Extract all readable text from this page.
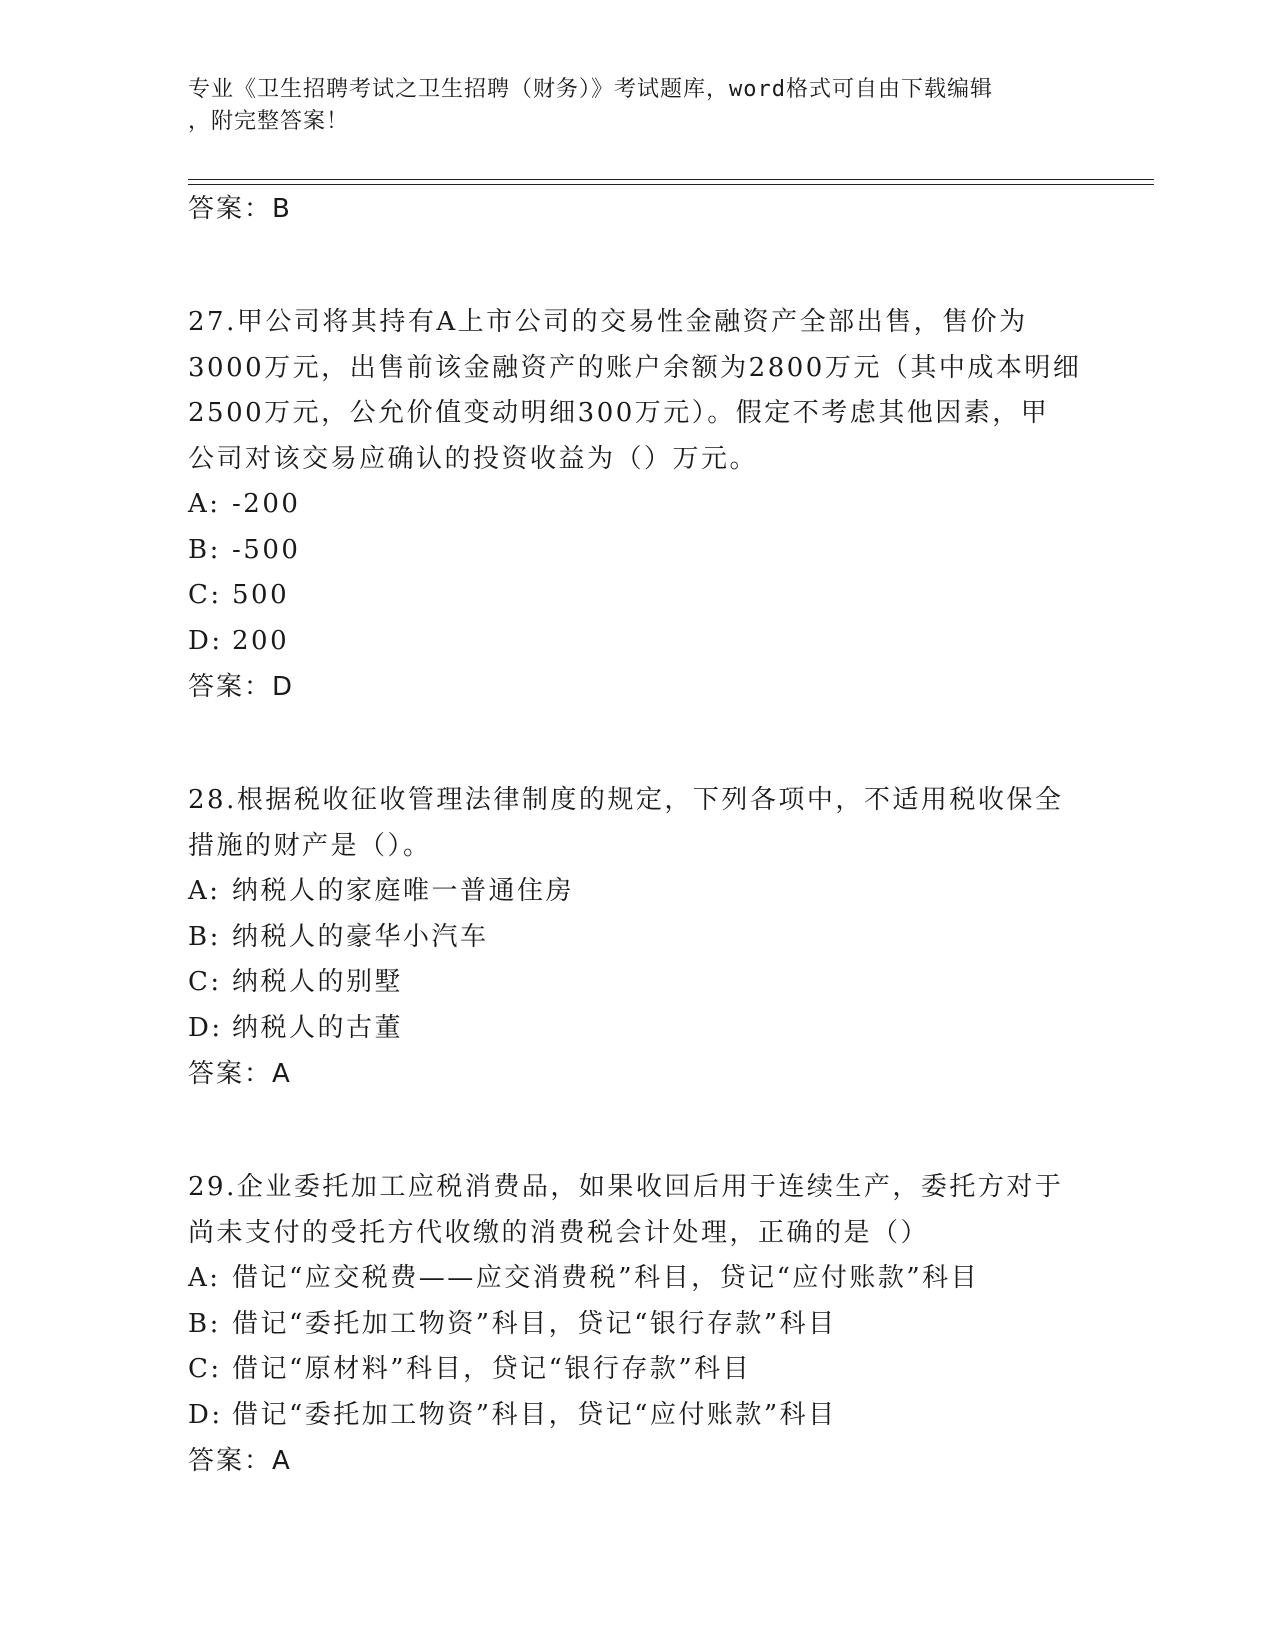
专业《卫生招聘考试之卫生招聘（财务）》考试题库，word格式可自由下载编辑
，附完整答案！
答案：B
27.甲公司将其持有A上市公司的交易性金融资产全部出售，售价为
3000万元，出售前该金融资产的账户余额为2800万元（其中成本明细
2500万元，公允价值变动明细300万元）。假定不考虑其他因素，甲
公司对该交易应确认的投资收益为（）万元。
A: -200
B: -500
C: 500
D: 200
答案：D
28.根据税收征收管理法律制度的规定，下列各项中，不适用税收保全
措施的财产是（）。
A: 纳税人的家庭唯一普通住房
B: 纳税人的豪华小汽车
C: 纳税人的别墅
D: 纳税人的古董
答案：A
29.企业委托加工应税消费品，如果收回后用于连续生产，委托方对于
尚未支付的受托方代收缴的消费税会计处理，正确的是（）
A: 借记“应交税费——应交消费税”科目，贷记“应付账款”科目
B: 借记“委托加工物资”科目，贷记“银行存款”科目
C: 借记“原材料”科目，贷记“银行存款”科目
D: 借记“委托加工物资”科目，贷记“应付账款”科目
答案：A
